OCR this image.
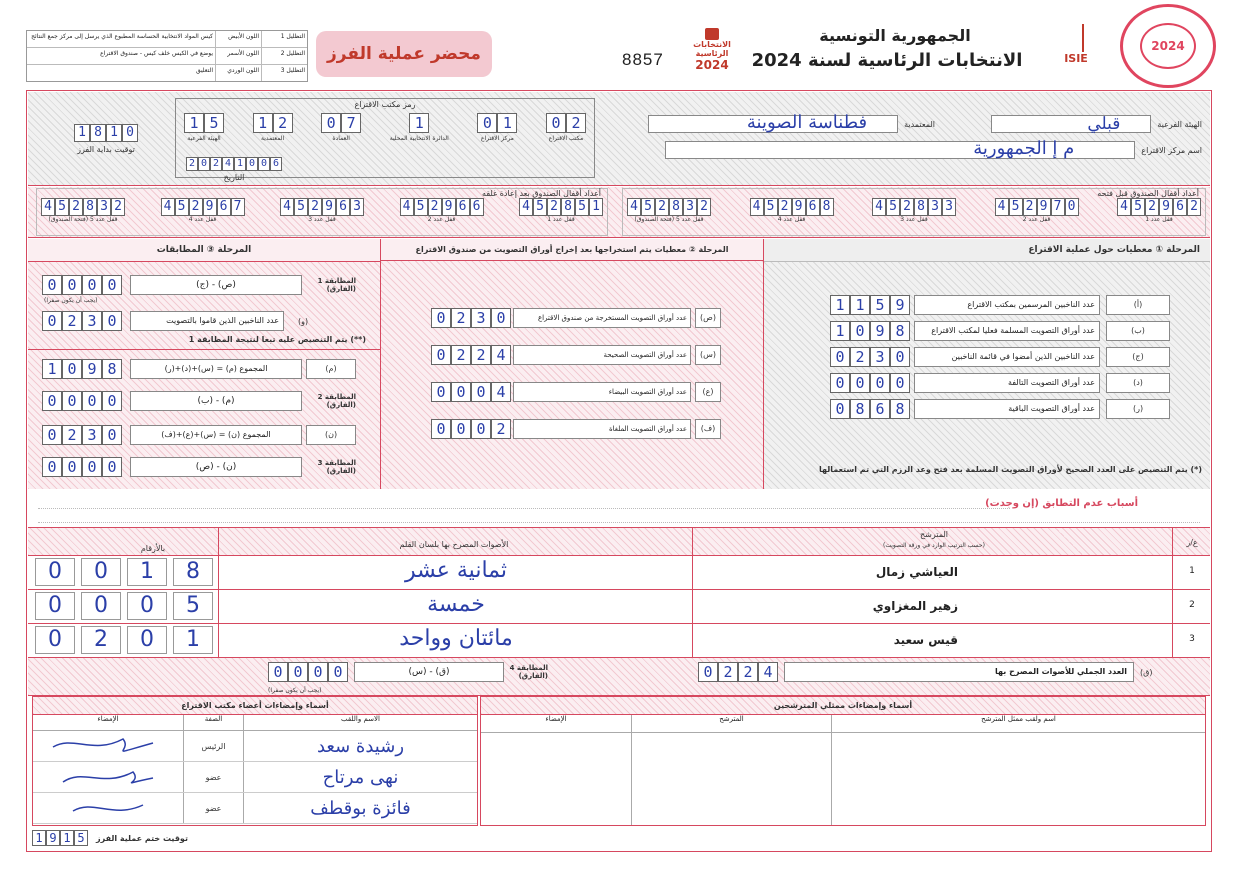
التظليل 1
اللون الأبيض
كيس المواد الانتخابية الحساسة المطبوع الذي يرسل إلى مركز جمع النتائج
التظليل 2
اللون الأسمر
يوضع في الكيس خلف كيس - صندوق الاقتراع
التظليل 3
اللون الوردي
التعليق
محضر عملية الفرز	8857
الانتخابات الرئاسية
2024
الجمهورية التونسية
الانتخابات الرئاسية لسنة 2024	ISIE
2024
1 8 1 0
توقيت بداية الفرز
رمز مكتب الاقتراع
1 5
الهيئة الفرعية
1 2
المعتمدية
0 7
العمادة
1
الدائرة الانتخابية المحلية
0 1
مركز الاقتراع
0 2
مكتب الاقتراع
2 0 2 4 1 0 0 6
التاريخ
الهيئة الفرعية
قبلي
المعتمدية
فطناسة الصوينة
اسم مركز الاقتراع
م إ الجمهورية
أعداد أقفال الصندوق بعد إعادة غلقه
4 5 2 8 5 1
قفل عدد 1
4 5 2 9 6 6
قفل عدد 2
4 5 2 9 6 3
قفل عدد 3
4 5 2 9 6 7
قفل عدد 4
4 5 2 8 3 2
قفل عدد 5 (فتحة الصندوق)
أعداد أقفال الصندوق قبل فتحه
4 5 2 9 6 2
قفل عدد 1
4 5 2 9 7 0
قفل عدد 2
4 5 2 8 3 3
قفل عدد 3
4 5 2 9 6 8
قفل عدد 4
4 5 2 8 3 2
قفل عدد 5 (فتحة الصندوق)
المرحلة ① معطيات حول عملية الاقتراع
1 1 5 9	عدد الناخبين المرسمين بمكتب الاقتراع	(أ)
1 0 9 8	عدد أوراق التصويت المسلمة فعليا لمكتب الاقتراع	(ب)
0 2 3 0	عدد الناخبين الذين أمضوا في قائمة الناخبين	(ج)
0 0 0 0	عدد أوراق التصويت التالفة	(د)
0 8 6 8	عدد أوراق التصويت الباقية	(ر)
(*) يتم التنصيص على العدد الصحيح لأوراق التصويت المسلمة بعد فتح وعد الرزم التي تم استعمالها
المرحلة ② معطيات يتم استخراجها بعد إخراج أوراق التصويت من صندوق الاقتراع
0 2 3 0	عدد أوراق التصويت المستخرجة من صندوق الاقتراع	(ص)
0 2 2 4	عدد أوراق التصويت الصحيحة	(س)
0 0 0 4	عدد أوراق التصويت البيضاء	(ع)
0 0 0 2	عدد أوراق التصويت الملغاة	(ف)
المرحلة ③ المطابقات
0 0 0 0	(ج) - (ص)	المطابقة 1 (الفارق)
(يجب أن يكون صفرا)
0 2 3 0	عدد الناخبين الذين قاموا بالتصويت	(و)
(**) يتم التنصيص عليه تبعا لنتيجة المطابقة 1
1 0 9 8	المجموع (م) = (س)+(د)+(ر)	(م)
0 0 0 0	(ب) - (م)	المطابقة 2 (الفارق)
0 2 3 0	المجموع (ن) = (س)+(ع)+(ف)	(ن)
0 0 0 0	(ص) - (ن)	المطابقة 3 (الفارق)
أسباب عدم التطابق (إن وجدت)
بالأرقام	الأصوات المصرح بها بلسان القلم
المترشح
(حسب الترتيب الوارد في ورقة التصويت)	ع/ر
0	0	1	8	ثمانية عشر	العياشي زمال	1
0	0	0	5	خمسة	زهير المغزاوي	2
0	2	0	1	مائتان وواحد	قيس سعيد	3
0 0 0 0	(س) - (ق)	المطابقة 4 (الفارق)
(يجب أن يكون صفرا)
0 2 2 4	العدد الجملي للأصوات المصرح بها	(ق)
أسماء وإمضاءات أعضاء مكتب الاقتراع
الإمضاء	الصفة	الاسم واللقب
الرئيس	رشيدة سعد
عضو	نهى مرتاح
عضو	فائزة بوقطف
أسماء وإمضاءات ممثلي المترشحين
الإمضاء	المترشح	اسم ولقب ممثل المترشح
1 9 1 5	توقيت ختم عملية الفرز
